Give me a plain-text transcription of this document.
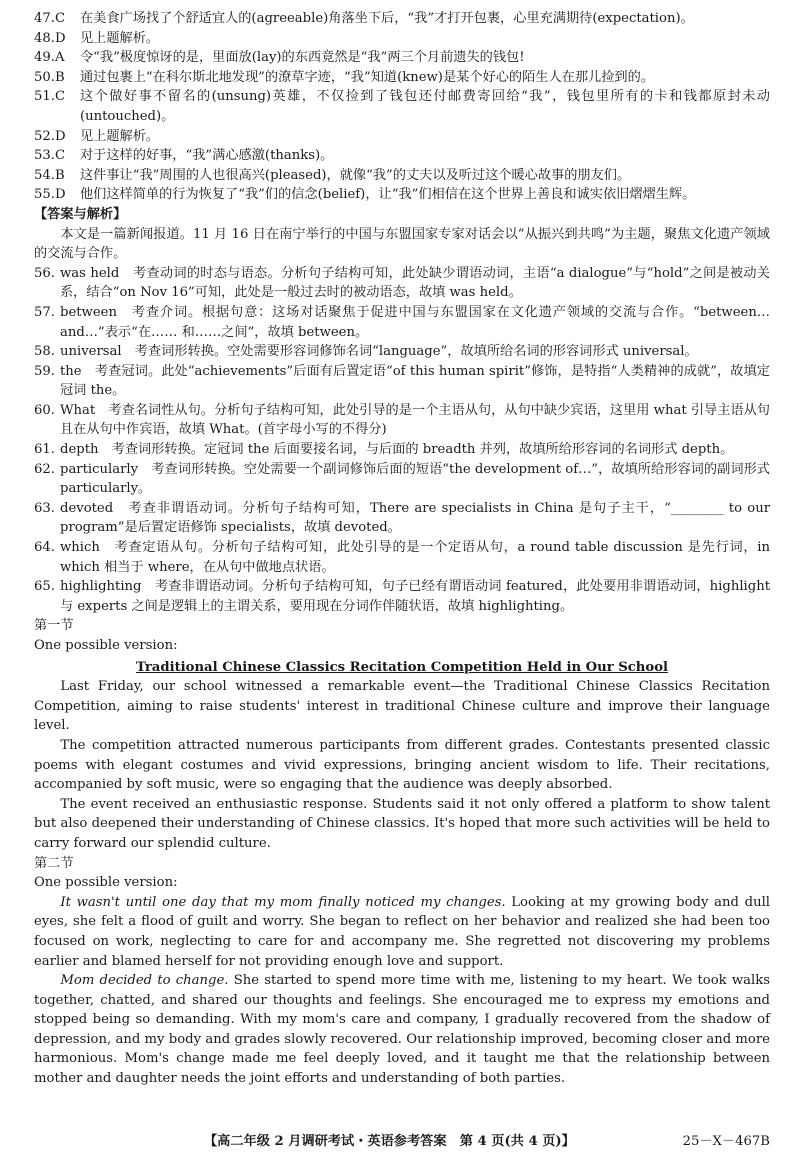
47.C	在美食广场找了个舒适宜人的(agreeable)角落坐下后，“我”才打开包裹，心里充满期待(expectation)。
48.D	见上题解析。
49.A	令“我”极度惊讶的是，里面放(lay)的东西竟然是“我”两三个月前遗失的钱包!
50.B	通过包裹上“在科尔斯北地发现”的潦草字迹，“我”知道(knew)是某个好心的陌生人在那儿捡到的。
51.C	这个做好事不留名的(unsung)英雄，不仅捡到了钱包还付邮费寄回给“我”，钱包里所有的卡和钱都原封未动(untouched)。
52.D	见上题解析。
53.C	对于这样的好事，“我”满心感激(thanks)。
54.B	这件事让“我”周围的人也很高兴(pleased)，就像“我”的丈夫以及听过这个暖心故事的朋友们。
55.D	他们这样简单的行为恢复了“我”们的信念(belief)，让“我”们相信在这个世界上善良和诚实依旧熠熠生辉。
【答案与解析】
本文是一篇新闻报道。11 月 16 日在南宁举行的中国与东盟国家专家对话会以“从振兴到共鸣”为主题，聚焦文化遗产领域的交流与合作。
56. was held　考查动词的时态与语态。分析句子结构可知，此处缺少谓语动词，主语“a dialogue”与“hold”之间是被动关系，结合“on Nov 16”可知，此处是一般过去时的被动语态，故填 was held。
57. between　考查介词。根据句意：这场对话聚焦于促进中国与东盟国家在文化遗产领域的交流与合作。“between…and…”表示“在…… 和……之间”，故填 between。
58. universal　考查词形转换。空处需要形容词修饰名词“language”，故填所给名词的形容词形式 universal。
59. the　考查冠词。此处“achievements”后面有后置定语“of this human spirit”修饰，是特指“人类精神的成就”，故填定冠词 the。
60. What　考查名词性从句。分析句子结构可知，此处引导的是一个主语从句，从句中缺少宾语，这里用 what 引导主语从句且在从句中作宾语，故填 What。(首字母小写的不得分)
61. depth　考查词形转换。定冠词 the 后面要接名词，与后面的 breadth 并列，故填所给形容词的名词形式 depth。
62. particularly　考查词形转换。空处需要一个副词修饰后面的短语“the development of…”，故填所给形容词的副词形式 particularly。
63. devoted　考查非谓语动词。分析句子结构可知，There are specialists in China 是句子主干，“________ to our program”是后置定语修饰 specialists，故填 devoted。
64. which　考查定语从句。分析句子结构可知，此处引导的是一个定语从句，a round table discussion 是先行词，in which 相当于 where，在从句中做地点状语。
65. highlighting　考查非谓语动词。分析句子结构可知，句子已经有谓语动词 featured，此处要用非谓语动词，highlight 与 experts 之间是逻辑上的主谓关系，要用现在分词作伴随状语，故填 highlighting。
第一节
One possible version:
Traditional Chinese Classics Recitation Competition Held in Our School
Last Friday, our school witnessed a remarkable event—the Traditional Chinese Classics Recitation Competition, aiming to raise students' interest in traditional Chinese culture and improve their language level.
The competition attracted numerous participants from different grades. Contestants presented classic poems with elegant costumes and vivid expressions, bringing ancient wisdom to life. Their recitations, accompanied by soft music, were so engaging that the audience was deeply absorbed.
The event received an enthusiastic response. Students said it not only offered a platform to show talent but also deepened their understanding of Chinese classics. It's hoped that more such activities will be held to carry forward our splendid culture.
第二节
One possible version:
It wasn't until one day that my mom finally noticed my changes. Looking at my growing body and dull eyes, she felt a flood of guilt and worry. She began to reflect on her behavior and realized she had been too focused on work, neglecting to care for and accompany me. She regretted not discovering my problems earlier and blamed herself for not providing enough love and support.
Mom decided to change. She started to spend more time with me, listening to my heart. We took walks together, chatted, and shared our thoughts and feelings. She encouraged me to express my emotions and stopped being so demanding. With my mom's care and company, I gradually recovered from the shadow of depression, and my body and grades slowly recovered. Our relationship improved, becoming closer and more harmonious. Mom's change made me feel deeply loved, and it taught me that the relationship between mother and daughter needs the joint efforts and understanding of both parties.
【高二年级 2 月调研考试・英语参考答案　第 4 页(共 4 页)】	25－X－467B
